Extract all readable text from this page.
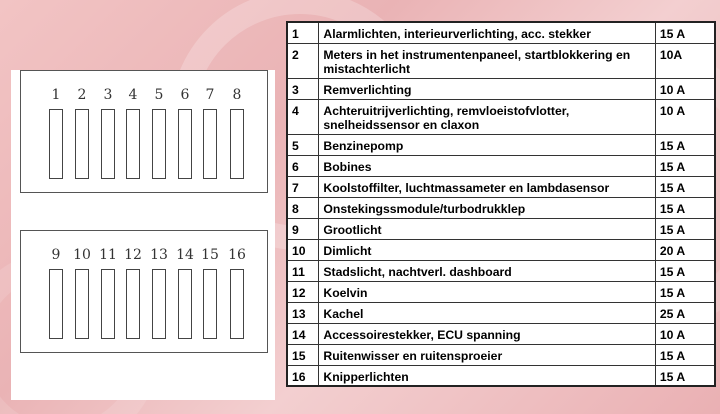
1	2	3	4	5	6	7	8
9 10 11 12 13 14 15 16
1	Alarmlichten, interieurverlichting, acc. stekker	15 A
2	Meters in het instrumentenpaneel, startblokkering en mistachterlicht	10A
3	Remverlichting	10 A
4	Achteruitrijverlichting, remvloeistofvlotter, snelheidssensor en claxon	10 A
5	Benzinepomp	15 A
6	Bobines	15 A
7	Koolstoffilter, luchtmassameter en lambdasensor	15 A
8	Onstekingssmodule/turbodrukklep	15 A
9	Grootlicht	15 A
10	Dimlicht	20 A
11	Stadslicht, nachtverl. dashboard	15 A
12	Koelvin	15 A
13	Kachel	25 A
14	Accessoirestekker, ECU spanning	10 A
15	Ruitenwisser en ruitensproeier	15 A
16	Knipperlichten	15 A
